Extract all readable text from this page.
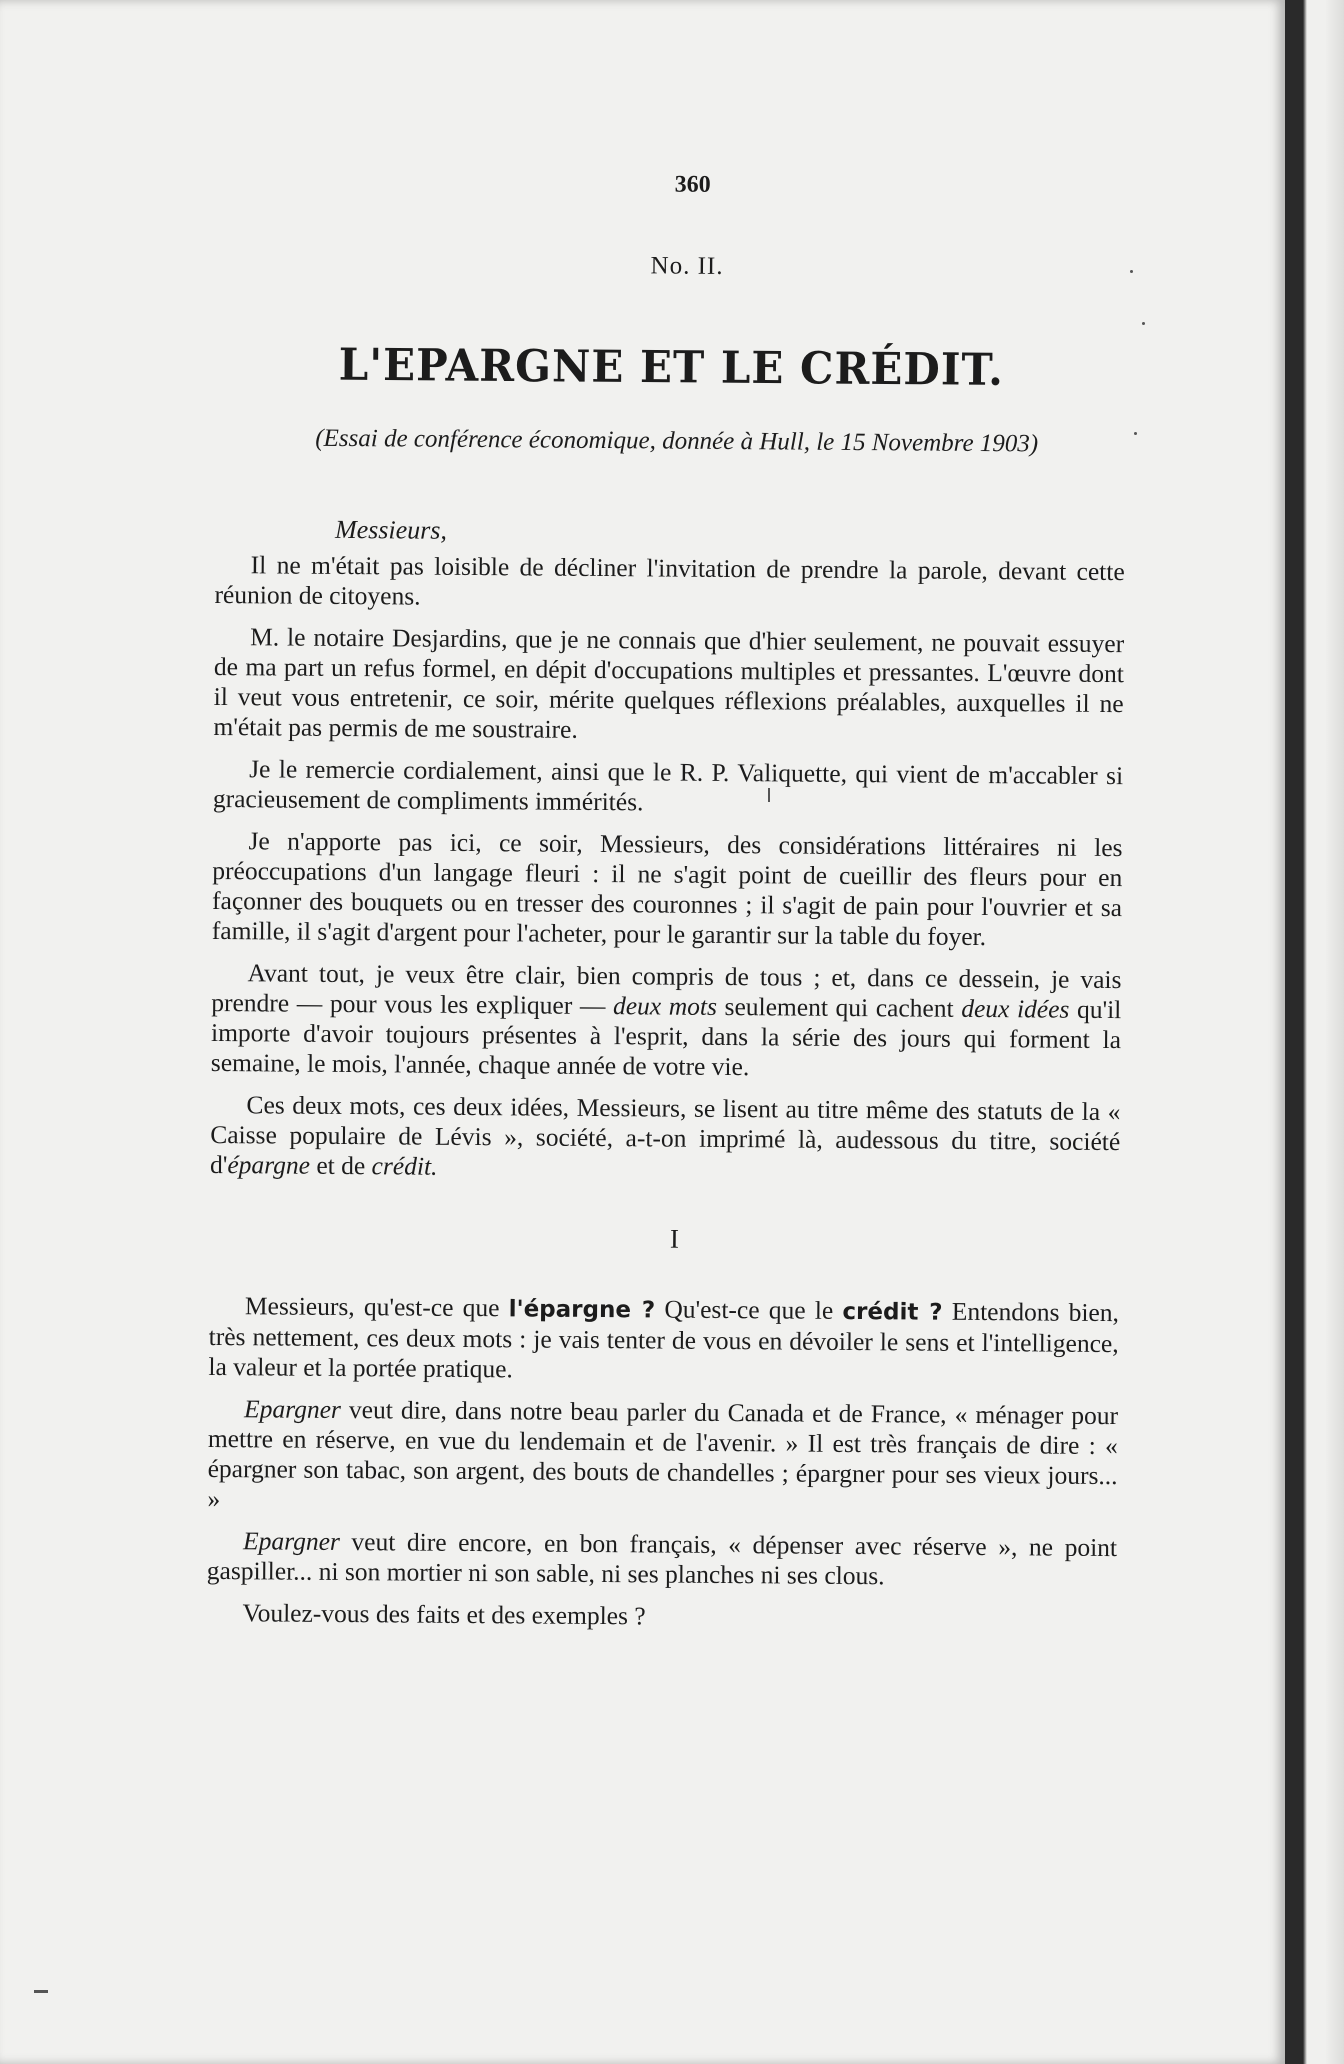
360
No. II.
L'EPARGNE ET LE CRÉDIT.
(Essai de conférence économique, donnée à Hull, le 15 Novembre 1903)
Messieurs,

Il ne m'était pas loisible de décliner l'invitation de prendre la parole, devant cette réunion de citoyens.

M. le notaire Desjardins, que je ne connais que d'hier seulement, ne pouvait essuyer de ma part un refus formel, en dépit d'occupations multiples et pressantes. L'œuvre dont il veut vous entretenir, ce soir, mérite quelques réflexions préalables, auxquelles il ne m'était pas permis de me soustraire.

Je le remercie cordialement, ainsi que le R. P. Valiquette, qui vient de m'accabler si gracieusement de compliments immérités.

Je n'apporte pas ici, ce soir, Messieurs, des considérations littéraires ni les préoccupations d'un langage fleuri : il ne s'agit point de cueillir des fleurs pour en façonner des bouquets ou en tresser des couronnes ; il s'agit de pain pour l'ouvrier et sa famille, il s'agit d'argent pour l'acheter, pour le garantir sur la table du foyer.

Avant tout, je veux être clair, bien compris de tous ; et, dans ce dessein, je vais prendre — pour vous les expliquer — deux mots seulement qui cachent deux idées qu'il importe d'avoir toujours présentes à l'esprit, dans la série des jours qui forment la semaine, le mois, l'année, chaque année de votre vie.

Ces deux mots, ces deux idées, Messieurs, se lisent au titre même des statuts de la « Caisse populaire de Lévis », société, a-t-on imprimé là, audessous du titre, société d'épargne et de crédit.

I

Messieurs, qu'est-ce que l'épargne ? Qu'est-ce que le crédit ? Entendons bien, très nettement, ces deux mots : je vais tenter de vous en dévoiler le sens et l'intelligence, la valeur et la portée pratique.

Epargner veut dire, dans notre beau parler du Canada et de France, « ménager pour mettre en réserve, en vue du lendemain et de l'avenir. » Il est très français de dire : « épargner son tabac, son argent, des bouts de chandelles ; épargner pour ses vieux jours... »

Epargner veut dire encore, en bon français, « dépenser avec réserve », ne point gaspiller... ni son mortier ni son sable, ni ses planches ni ses clous.

Voulez-vous des faits et des exemples ?
